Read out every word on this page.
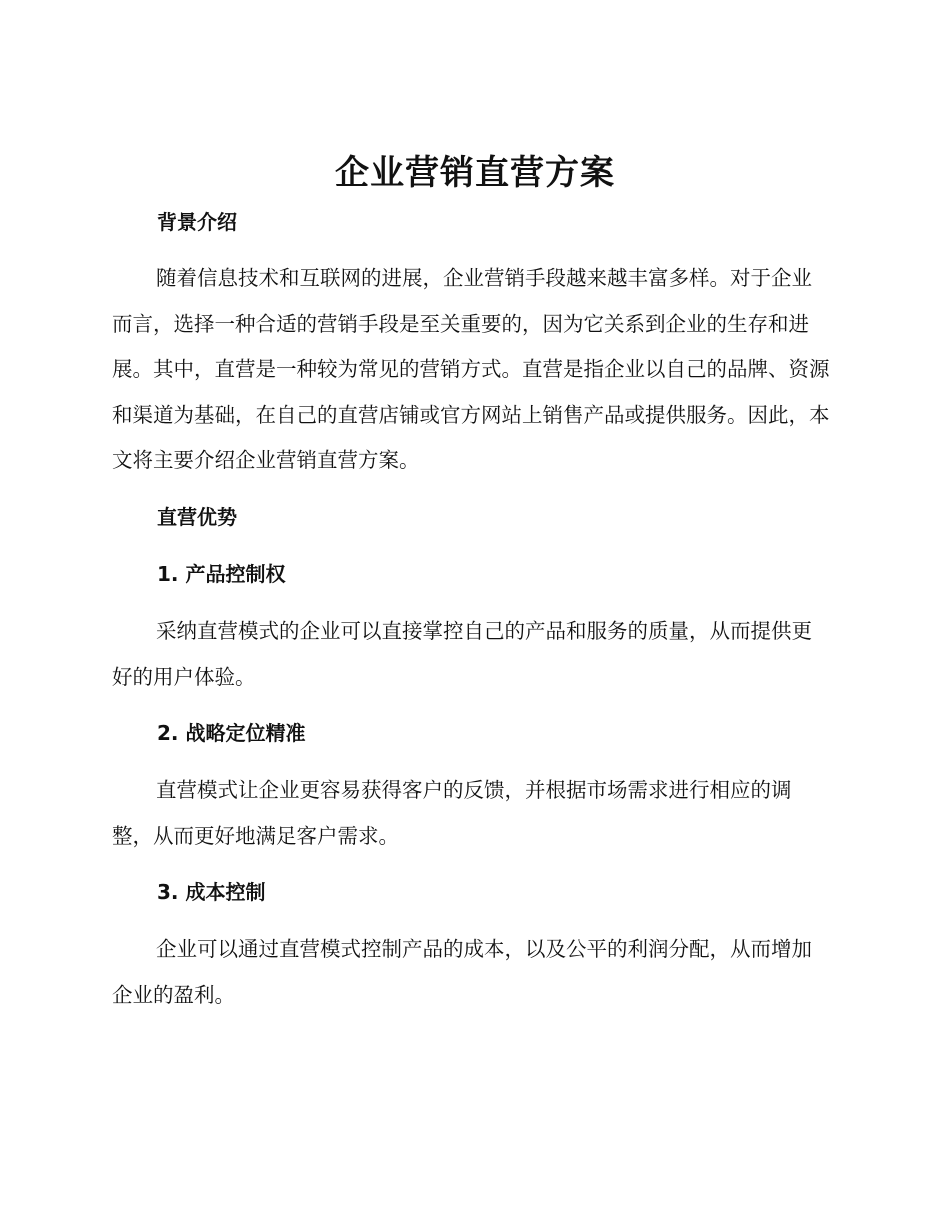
企业营销直营方案
背景介绍

随着信息技术和互联网的进展，企业营销手段越来越丰富多样。对于企业而言，选择一种合适的营销手段是至关重要的，因为它关系到企业的生存和进展。其中，直营是一种较为常见的营销方式。直营是指企业以自己的品牌、资源和渠道为基础，在自己的直营店铺或官方网站上销售产品或提供服务。因此，本文将主要介绍企业营销直营方案。

直营优势
1. 产品控制权

采纳直营模式的企业可以直接掌控自己的产品和服务的质量，从而提供更好的用户体验。

2. 战略定位精准

直营模式让企业更容易获得客户的反馈，并根据市场需求进行相应的调整，从而更好地满足客户需求。

3. 成本控制

企业可以通过直营模式控制产品的成本，以及公平的利润分配，从而增加企业的盈利。
